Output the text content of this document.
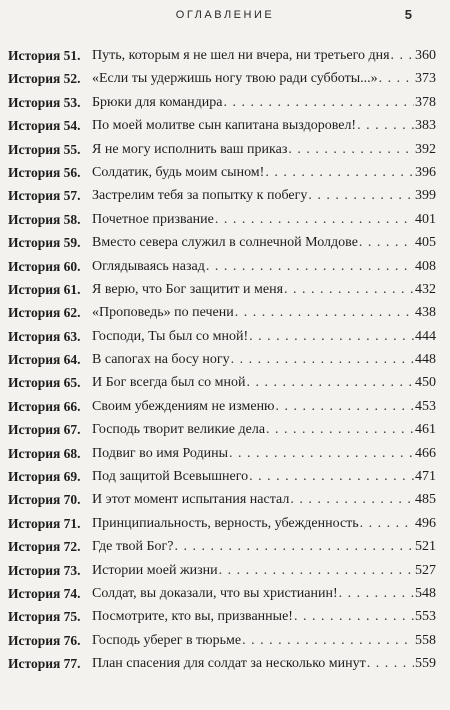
ОГЛАВЛЕНИЕ	5
История 51. Путь, которым я не шел ни вчера, ни третьего дня . . . 360
История 52. «Если ты удержишь ногу твою ради субботы...» . . .	373
История 53. Брюки для командира . . .	378
История 54. По моей молитве сын капитана выздоровел! . . .	383
История 55. Я не могу исполнить ваш приказ . . .	392
История 56. Солдатик, будь моим сыном! . . .	396
История 57. Застрелим тебя за попытку к побегу . . .	399
История 58. Почетное призвание . . .	401
История 59. Вместо севера служил в солнечной Молдове . . .	405
История 60. Оглядываясь назад . . .	408
История 61. Я верю, что Бог защитит и меня . . .	432
История 62. «Проповедь» по печени . . .	438
История 63. Господи, Ты был со мной! . . .	444
История 64. В сапогах на босу ногу . . .	448
История 65. И Бог всегда был со мной . . .	450
История 66. Своим убеждениям не изменю . . .	453
История 67. Господь творит великие дела . . .	461
История 68. Подвиг во имя Родины . . .	466
История 69. Под защитой Всевышнего . . .	471
История 70. И этот момент испытания настал . . .	485
История 71. Принципиальность, верность, убежденность . . .	496
История 72. Где твой Бог? . . .	521
История 73. Истории моей жизни . . .	527
История 74. Солдат, вы доказали, что вы христианин! . . .	548
История 75. Посмотрите, кто вы, призванные! . . .	553
История 76. Господь уберег в тюрьме . . .	558
История 77. План спасения для солдат за несколько минут . . .	559
